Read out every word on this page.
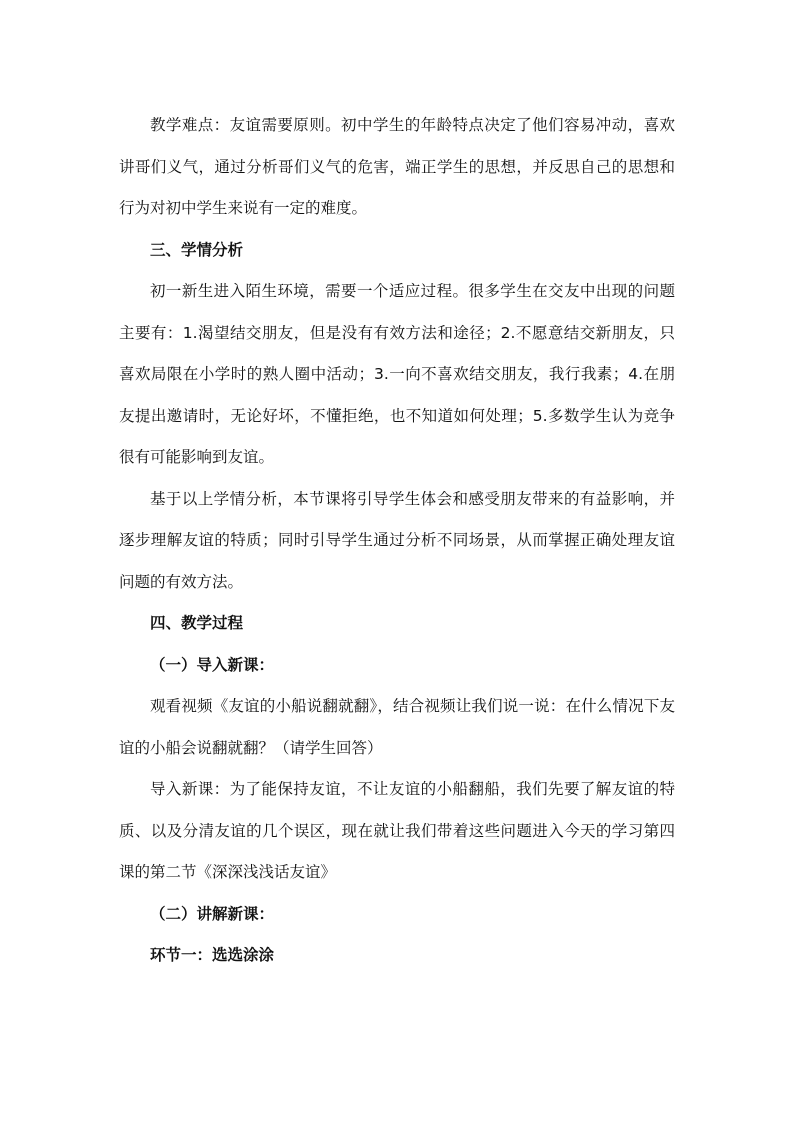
教学难点：友谊需要原则。初中学生的年龄特点决定了他们容易冲动，喜欢讲哥们义气，通过分析哥们义气的危害，端正学生的思想，并反思自己的思想和行为对初中学生来说有一定的难度。

三、学情分析

初一新生进入陌生环境，需要一个适应过程。很多学生在交友中出现的问题主要有：1.渴望结交朋友，但是没有有效方法和途径；2.不愿意结交新朋友，只喜欢局限在小学时的熟人圈中活动；3.一向不喜欢结交朋友，我行我素；4.在朋友提出邀请时，无论好坏，不懂拒绝，也不知道如何处理；5.多数学生认为竞争很有可能影响到友谊。

基于以上学情分析，本节课将引导学生体会和感受朋友带来的有益影响，并逐步理解友谊的特质；同时引导学生通过分析不同场景，从而掌握正确处理友谊问题的有效方法。

四、教学过程

（一）导入新课：

观看视频《友谊的小船说翻就翻》，结合视频让我们说一说：在什么情况下友谊的小船会说翻就翻？（请学生回答）

导入新课：为了能保持友谊，不让友谊的小船翻船，我们先要了解友谊的特质、以及分清友谊的几个误区，现在就让我们带着这些问题进入今天的学习第四课的第二节《深深浅浅话友谊》

（二）讲解新课：

环节一：选选涂涂
